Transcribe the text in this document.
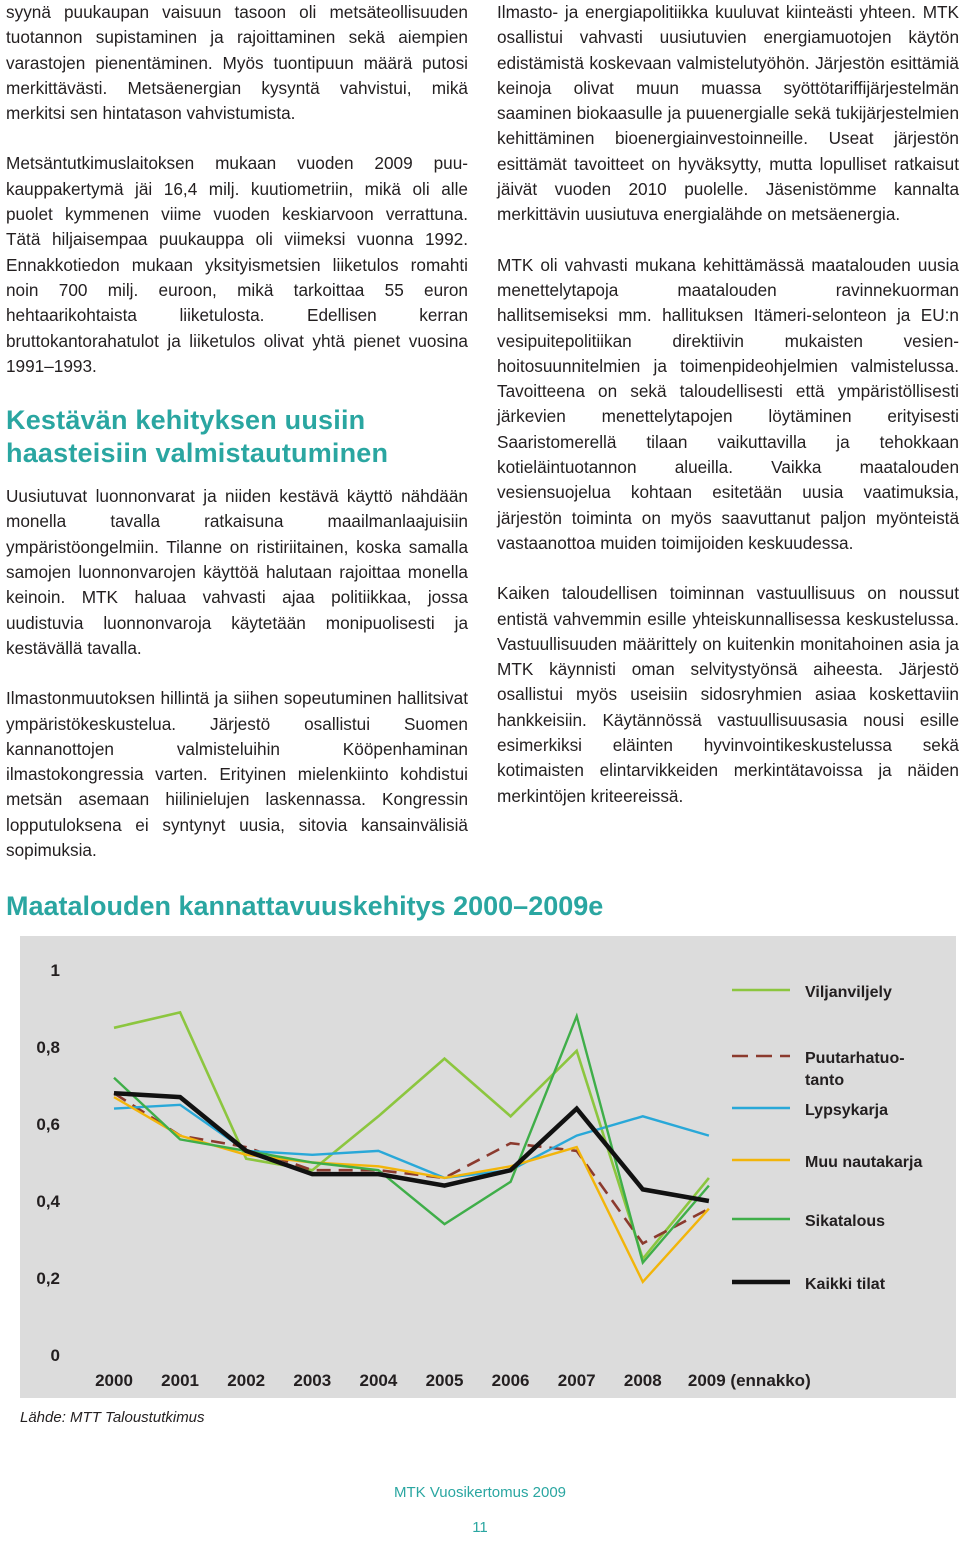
syynä puukaupan vaisuun tasoon oli metsäteollisuuden tuotannon supistaminen ja rajoittaminen sekä aiempien varastojen pienentäminen. Myös tuontipuun määrä putosi merkittävästi. Metsäenergian kysyntä vahvistui, mikä merkitsi sen hintatason vahvistumista.

Metsäntutkimuslaitoksen mukaan vuoden 2009 puukauppakertymä jäi 16,4 milj. kuutiometriin, mikä oli alle puolet kymmenen viime vuoden keskiarvoon verrattuna. Tätä hiljaisempaa puukauppa oli viimeksi vuonna 1992. Ennakkotiedon mukaan yksityismetsien liiketulos romahti noin 700 milj. euroon, mikä tarkoittaa 55 euron hehtaarikohtaista liiketulosta. Edellisen kerran bruttokantorahatulot ja liiketulos olivat yhtä pienet vuosina 1991–1993.

Kestävän kehityksen uusiin haasteisiin valmistautuminen

Uusiutuvat luonnonvarat ja niiden kestävä käyttö nähdään monella tavalla ratkaisuna maailmanlaajuisiin ympäristöongelmiin. Tilanne on ristiriitainen, koska samalla samojen luonnonvarojen käyttöä halutaan rajoittaa monella keinoin. MTK haluaa vahvasti ajaa politiikkaa, jossa uudistuvia luonnonvaroja käytetään monipuolisesti ja kestävällä tavalla.

Ilmastonmuutoksen hillintä ja siihen sopeutuminen hallitsivat ympäristökeskustelua. Järjestö osallistui Suomen kannanottojen valmisteluihin Kööpenhaminan ilmastokongressia varten. Erityinen mielenkiinto kohdistui metsän asemaan hiilinielujen laskennassa. Kongressin lopputuloksena ei syntynyt uusia, sitovia kansainvälisiä sopimuksia.

Ilmasto- ja energiapolitiikka kuuluvat kiinteästi yhteen. MTK osallistui vahvasti uusiutuvien energiamuotojen käytön edistämistä koskevaan valmistelutyöhön. Järjestön esittämiä keinoja olivat muun muassa syöttötariffijärjestelmän saaminen biokaasulle ja puuenergialle sekä tukijärjestelmien kehittäminen bioenergiainvestoinneille. Useat järjestön esittämät tavoitteet on hyväksytty, mutta lopulliset ratkaisut jäivät vuoden 2010 puolelle. Jäsenistömme kannalta merkittävin uusiutuva energialähde on metsäenergia.

MTK oli vahvasti mukana kehittämässä maatalouden uusia menettelytapoja maatalouden ravinnekuorman hallitsemiseksi mm. hallituksen Itämeri-selonteon ja EU:n vesipuitepolitiikan direktiivin mukaisten vesienhoitosuunnitelmien ja toimenpideohjelmien valmistelussa. Tavoitteena on sekä taloudellisesti että ympäristöllisesti järkevien menettelytapojen löytäminen erityisesti Saaristomerellä tilaan vaikuttavilla ja tehokkaan kotieläintuotannon alueilla. Vaikka maatalouden vesiensuojelua kohtaan esitetään uusia vaatimuksia, järjestön toiminta on myös saavuttanut paljon myönteistä vastaanottoa muiden toimijoiden keskuudessa.

Kaiken taloudellisen toiminnan vastuullisuus on noussut entistä vahvemmin esille yhteiskunnallisessa keskustelussa. Vastuullisuuden määrittely on kuitenkin monitahoinen asia ja MTK käynnisti oman selvitystyönsä aiheesta. Järjestö osallistui myös useisiin sidosryhmien asiaa koskettaviin hankkeisiin. Käytännössä vastuullisuusasia nousi esille esimerkiksi eläinten hyvinvointikeskustelussa sekä kotimaisten elintarvikkeiden merkintätavoissa ja näiden merkintöjen kriteereissä.

Maatalouden kannattavuuskehitys 2000–2009e
0
0,2
0,4
0,6
0,8
1
2000 2001 2002 2003 2004 2005 2006 2007 2008 2009 (ennakko)
Viljanviljely
Puutarhatuo-
tanto
Lypsykarja
Muu nautakarja
Sikatalous
Kaikki tilat

Lähde: MTT Taloustutkimus

MTK Vuosikertomus 2009

11
